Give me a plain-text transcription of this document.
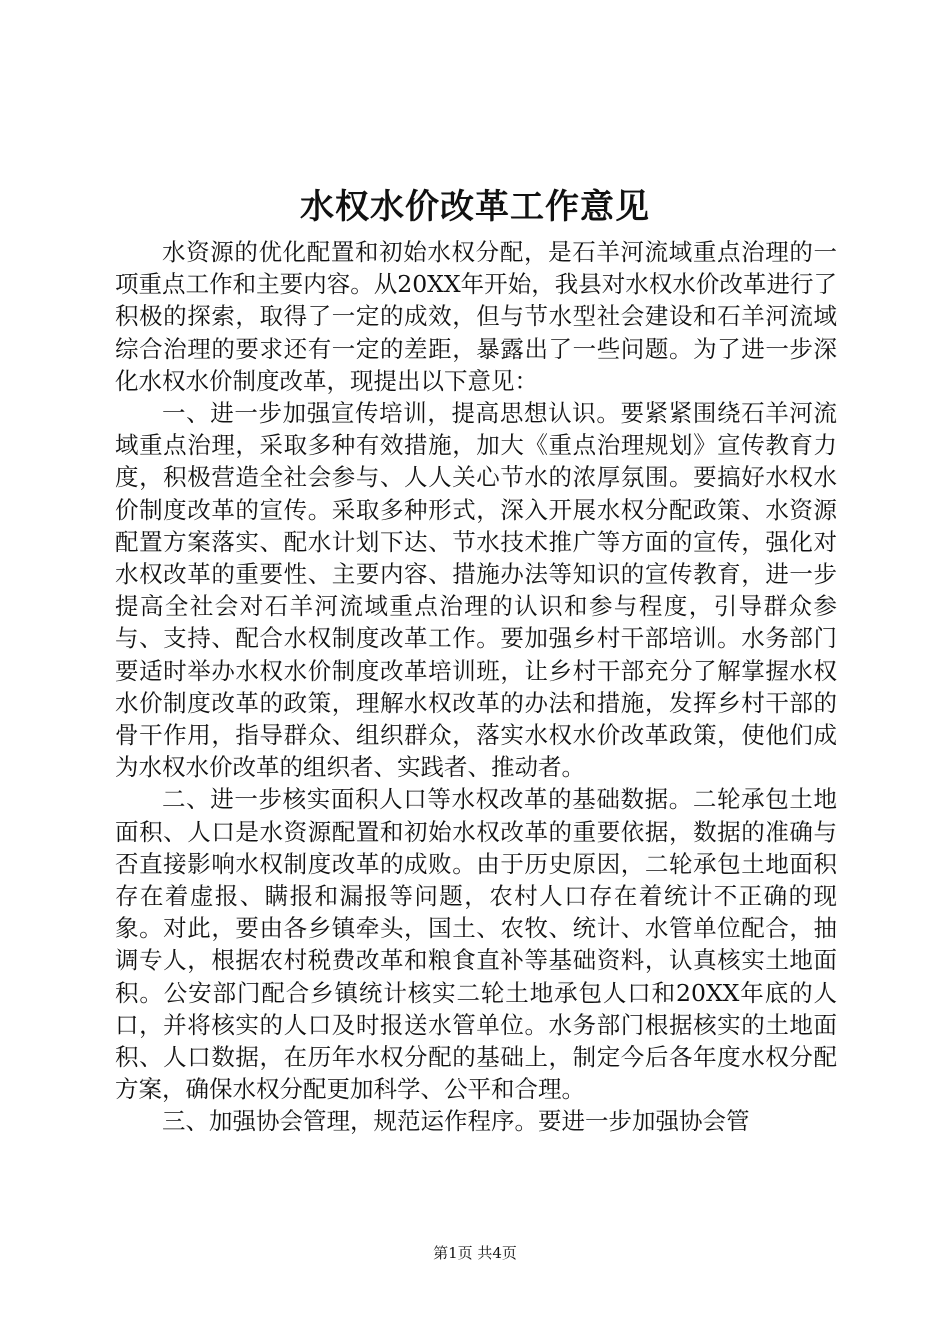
水权水价改革工作意见

水资源的优化配置和初始水权分配，是石羊河流域重点治理的一项重点工作和主要内容。从20XX年开始，我县对水权水价改革进行了积极的探索，取得了一定的成效，但与节水型社会建设和石羊河流域综合治理的要求还有一定的差距，暴露出了一些问题。为了进一步深化水权水价制度改革，现提出以下意见：

一、进一步加强宣传培训，提高思想认识。要紧紧围绕石羊河流域重点治理，采取多种有效措施，加大《重点治理规划》宣传教育力度，积极营造全社会参与、人人关心节水的浓厚氛围。要搞好水权水价制度改革的宣传。采取多种形式，深入开展水权分配政策、水资源配置方案落实、配水计划下达、节水技术推广等方面的宣传，强化对水权改革的重要性、主要内容、措施办法等知识的宣传教育，进一步提高全社会对石羊河流域重点治理的认识和参与程度，引导群众参与、支持、配合水权制度改革工作。要加强乡村干部培训。水务部门要适时举办水权水价制度改革培训班，让乡村干部充分了解掌握水权水价制度改革的政策，理解水权改革的办法和措施，发挥乡村干部的骨干作用，指导群众、组织群众，落实水权水价改革政策，使他们成为水权水价改革的组织者、实践者、推动者。

二、进一步核实面积人口等水权改革的基础数据。二轮承包土地面积、人口是水资源配置和初始水权改革的重要依据，数据的准确与否直接影响水权制度改革的成败。由于历史原因，二轮承包土地面积存在着虚报、瞒报和漏报等问题，农村人口存在着统计不正确的现象。对此，要由各乡镇牵头，国土、农牧、统计、水管单位配合，抽调专人，根据农村税费改革和粮食直补等基础资料，认真核实土地面积。公安部门配合乡镇统计核实二轮土地承包人口和20XX年底的人口，并将核实的人口及时报送水管单位。水务部门根据核实的土地面积、人口数据，在历年水权分配的基础上，制定今后各年度水权分配方案，确保水权分配更加科学、公平和合理。

三、加强协会管理，规范运作程序。要进一步加强协会管

第1页 共4页
